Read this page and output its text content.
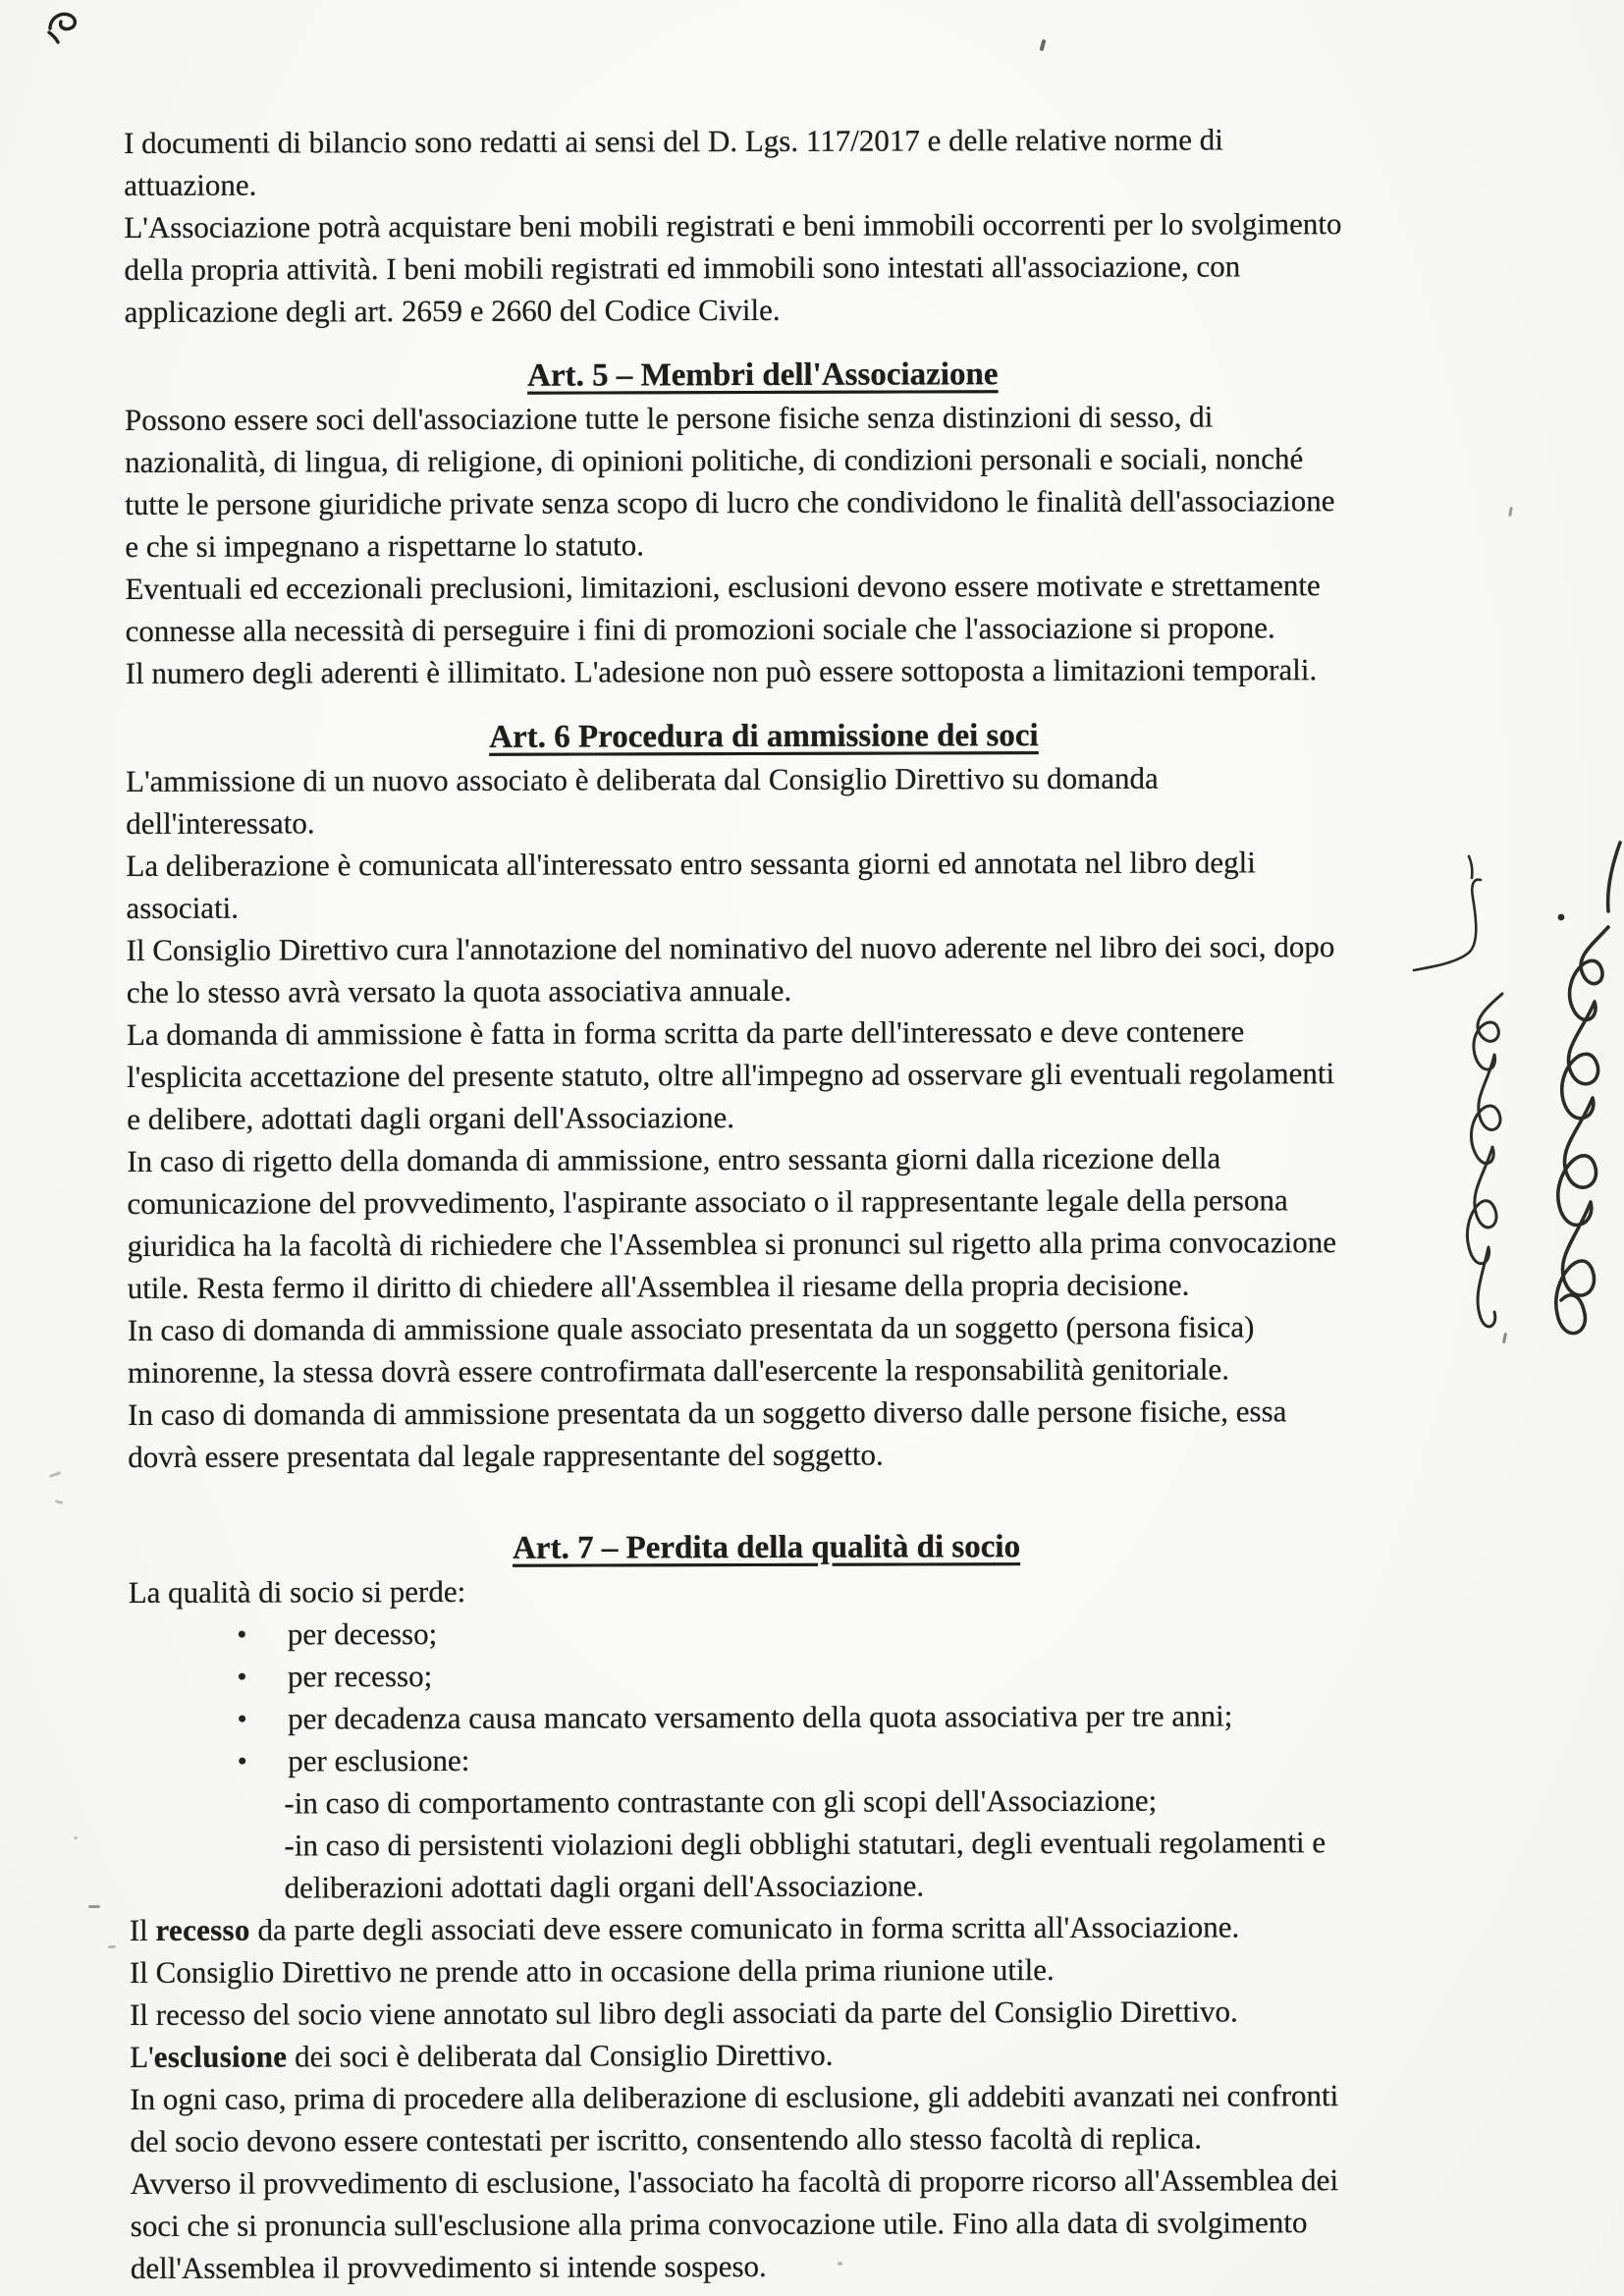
I documenti di bilancio sono redatti ai sensi del D. Lgs. 117/2017 e delle relative norme di
attuazione.

L'Associazione potrà acquistare beni mobili registrati e beni immobili occorrenti per lo svolgimento
della propria attività. I beni mobili registrati ed immobili sono intestati all'associazione, con
applicazione degli art. 2659 e 2660 del Codice Civile.

Art. 5 – Membri dell'Associazione

Possono essere soci dell'associazione tutte le persone fisiche senza distinzioni di sesso, di
nazionalità, di lingua, di religione, di opinioni politiche, di condizioni personali e sociali, nonché
tutte le persone giuridiche private senza scopo di lucro che condividono le finalità dell'associazione
e che si impegnano a rispettarne lo statuto.

Eventuali ed eccezionali preclusioni, limitazioni, esclusioni devono essere motivate e strettamente
connesse alla necessità di perseguire i fini di promozioni sociale che l'associazione si propone.

Il numero degli aderenti è illimitato. L'adesione non può essere sottoposta a limitazioni temporali.

Art. 6 Procedura di ammissione dei soci

L'ammissione di un nuovo associato è deliberata dal Consiglio Direttivo su domanda
dell'interessato.

La deliberazione è comunicata all'interessato entro sessanta giorni ed annotata nel libro degli
associati.

Il Consiglio Direttivo cura l'annotazione del nominativo del nuovo aderente nel libro dei soci, dopo
che lo stesso avrà versato la quota associativa annuale.

La domanda di ammissione è fatta in forma scritta da parte dell'interessato e deve contenere
l'esplicita accettazione del presente statuto, oltre all'impegno ad osservare gli eventuali regolamenti
e delibere, adottati dagli organi dell'Associazione.

In caso di rigetto della domanda di ammissione, entro sessanta giorni dalla ricezione della
comunicazione del provvedimento, l'aspirante associato o il rappresentante legale della persona
giuridica ha la facoltà di richiedere che l'Assemblea si pronunci sul rigetto alla prima convocazione
utile. Resta fermo il diritto di chiedere all'Assemblea il riesame della propria decisione.

In caso di domanda di ammissione quale associato presentata da un soggetto (persona fisica)
minorenne, la stessa dovrà essere controfirmata dall'esercente la responsabilità genitoriale.

In caso di domanda di ammissione presentata da un soggetto diverso dalle persone fisiche, essa
dovrà essere presentata dal legale rappresentante del soggetto.

Art. 7 – Perdita della qualità di socio

La qualità di socio si perde:

per decesso;
per recesso;
per decadenza causa mancato versamento della quota associativa per tre anni;
per esclusione:

-in caso di comportamento contrastante con gli scopi dell'Associazione;

-in caso di persistenti violazioni degli obblighi statutari, degli eventuali regolamenti e
deliberazioni adottati dagli organi dell'Associazione.

Il recesso da parte degli associati deve essere comunicato in forma scritta all'Associazione.

Il Consiglio Direttivo ne prende atto in occasione della prima riunione utile.

Il recesso del socio viene annotato sul libro degli associati da parte del Consiglio Direttivo.

L'esclusione dei soci è deliberata dal Consiglio Direttivo.

In ogni caso, prima di procedere alla deliberazione di esclusione, gli addebiti avanzati nei confronti
del socio devono essere contestati per iscritto, consentendo allo stesso facoltà di replica.

Avverso il provvedimento di esclusione, l'associato ha facoltà di proporre ricorso all'Assemblea dei
soci che si pronuncia sull'esclusione alla prima convocazione utile. Fino alla data di svolgimento
dell'Assemblea il provvedimento si intende sospeso.
